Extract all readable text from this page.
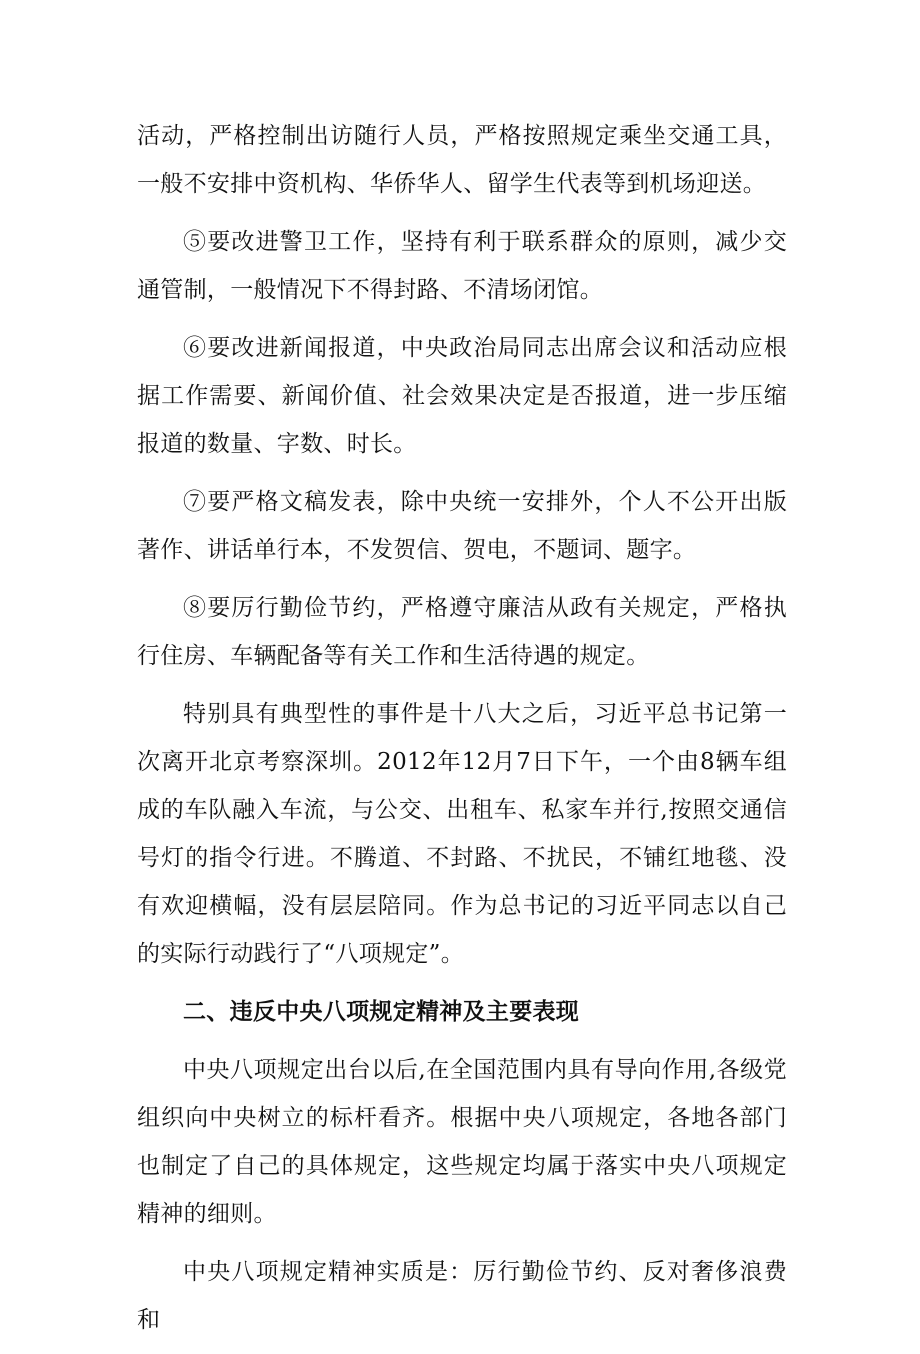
活动，严格控制出访随行人员，严格按照规定乘坐交通工具，一般不安排中资机构、华侨华人、留学生代表等到机场迎送。

⑤要改进警卫工作，坚持有利于联系群众的原则，减少交通管制，一般情况下不得封路、不清场闭馆。

⑥要改进新闻报道，中央政治局同志出席会议和活动应根据工作需要、新闻价值、社会效果决定是否报道，进一步压缩报道的数量、字数、时长。

⑦要严格文稿发表，除中央统一安排外，个人不公开出版著作、讲话单行本，不发贺信、贺电，不题词、题字。

⑧要厉行勤俭节约，严格遵守廉洁从政有关规定，严格执行住房、车辆配备等有关工作和生活待遇的规定。

特别具有典型性的事件是十八大之后，习近平总书记第一次离开北京考察深圳。2012年12月7日下午，一个由8辆车组成的车队融入车流，与公交、出租车、私家车并行,按照交通信号灯的指令行进。不腾道、不封路、不扰民，不铺红地毯、没有欢迎横幅，没有层层陪同。作为总书记的习近平同志以自己的实际行动践行了“八项规定”。

二、违反中央八项规定精神及主要表现

中央八项规定出台以后,在全国范围内具有导向作用,各级党组织向中央树立的标杆看齐。根据中央八项规定，各地各部门也制定了自己的具体规定，这些规定均属于落实中央八项规定精神的细则。

中央八项规定精神实质是：厉行勤俭节约、反对奢侈浪费和
